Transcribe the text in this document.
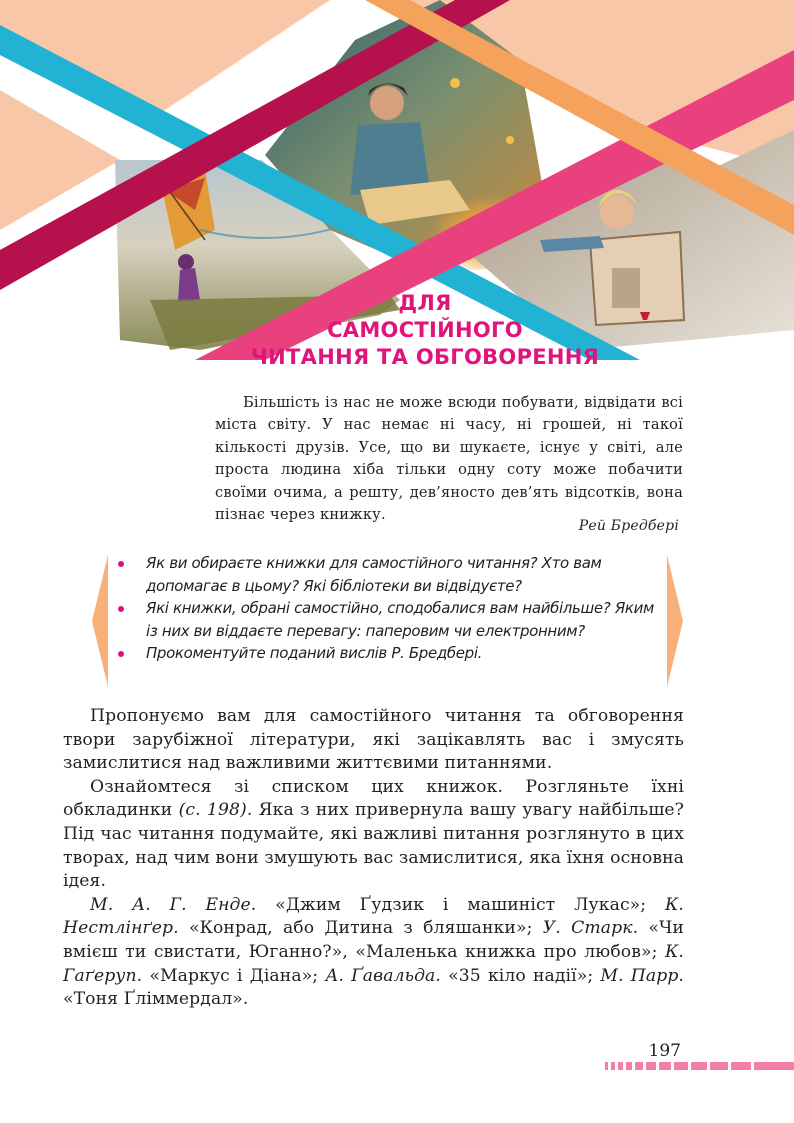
ДЛЯ
САМОСТІЙНОГО
ЧИТАННЯ ТА ОБГОВОРЕННЯ
Більшість із нас не може всюди побувати, відвідати всі міста світу. У нас немає ні часу, ні грошей, ні такої кількості друзів. Усе, що ви шукаєте, існує у світі, але проста людина хіба тільки одну соту може побачити своїми очима, а решту, дев’яносто дев’ять відсотків, вона пізнає через книжку.
Рей Бредбері
Як ви обираєте книжки для самостійного читання? Хто вам допомагає в цьому? Які бібліотеки ви відвідуєте?
Які книжки, обрані самостійно, сподобалися вам найбільше? Яким із них ви віддаєте перевагу: паперовим чи електронним?
Прокоментуйте поданий вислів Р. Бредбері.

Пропонуємо вам для самостійного читання та обговорення твори зарубіжної літератури, які зацікавлять вас і змусять замислитися над важливими життєвими питаннями.

Ознайомтеся зі списком цих книжок. Розгляньте їхні обкладинки (с. 198). Яка з них привернула вашу увагу найбільше? Під час читання подумайте, які важливі питання розглянуто в цих творах, над чим вони змушують вас замислитися, яка їхня основна ідея.

М. А. Г. Енде. «Джим Ґудзик і машиніст Лукас»; К. Нестлінґер. «Конрад, або Дитина з бляшанки»; У. Старк. «Чи вмієш ти свистати, Юганно?», «Маленька книжка про любов»; К. Гаґеруп. «Маркус і Діана»; А. Ґавальда. «35 кіло надії»; М. Парр. «Тоня Ґліммердал».

197
